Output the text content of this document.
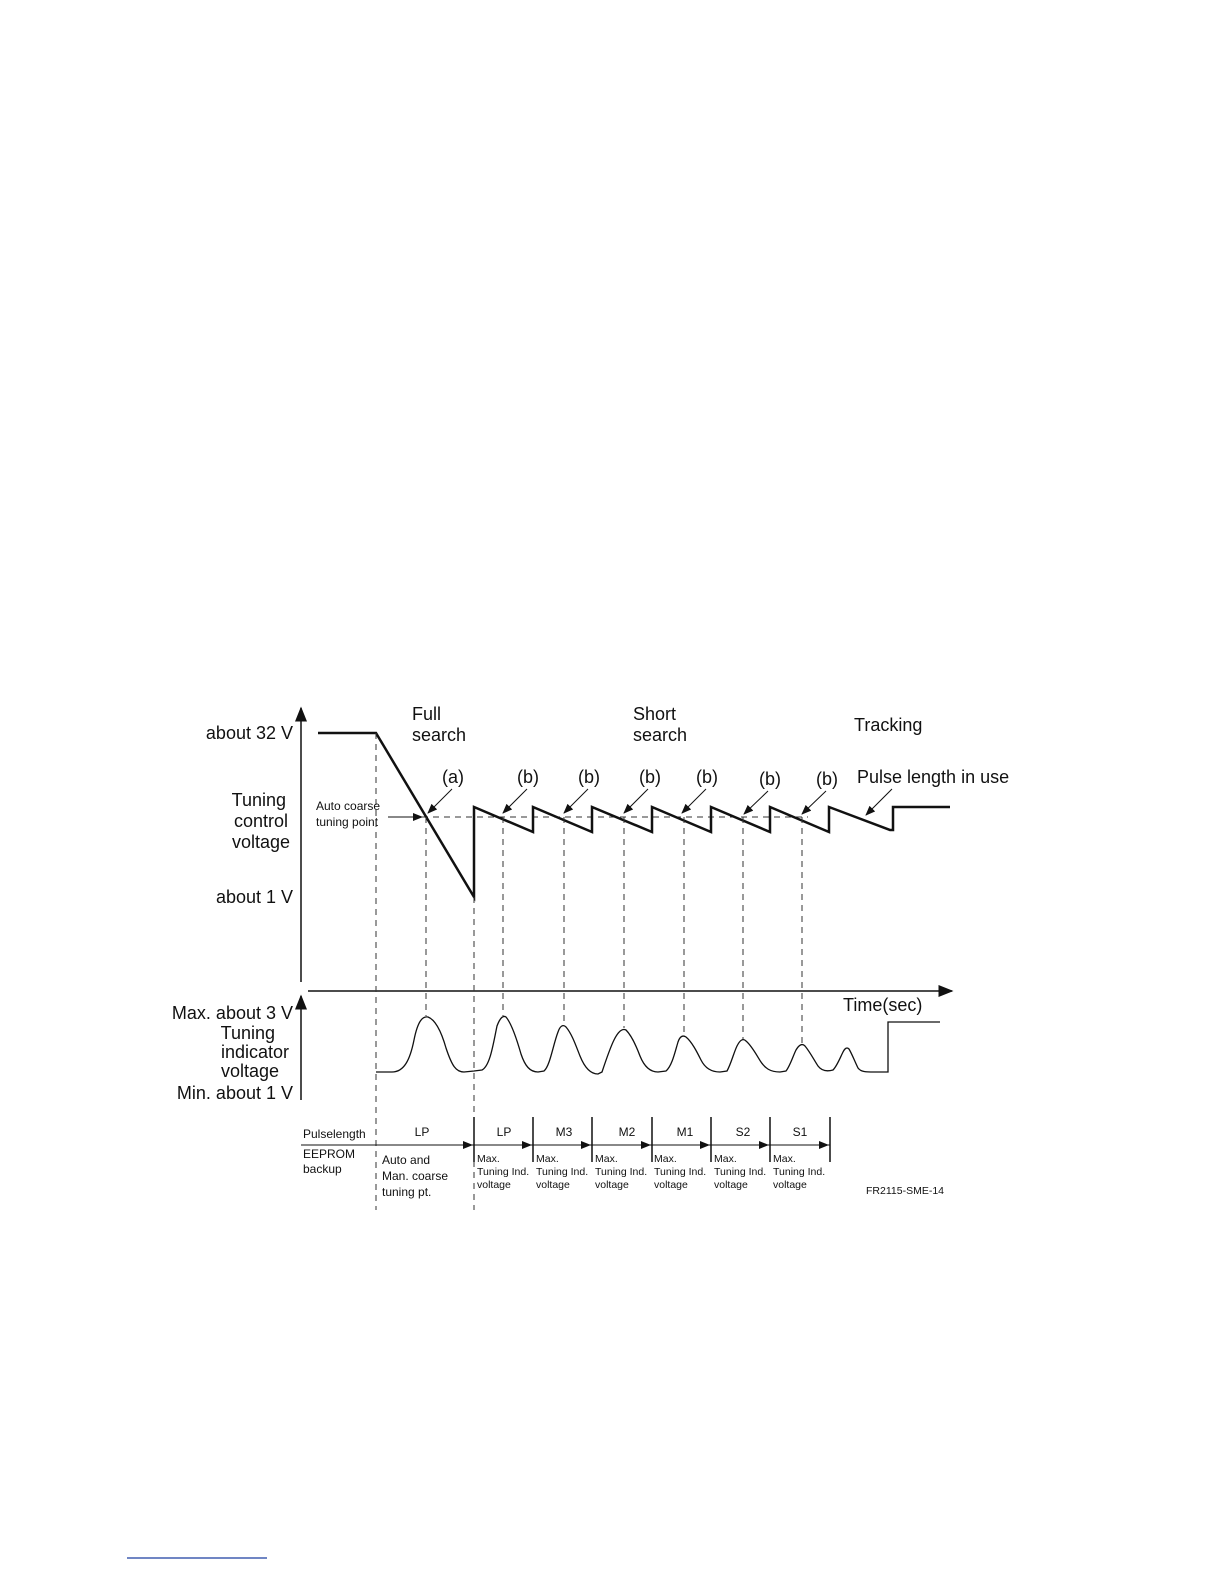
Full
search
Short
search	Tracking
about 32 V
Tuning
control
voltage
about 1 V
Time(sec)
Auto coarse
tuning point
(a)	(b) (b) (b) (b) (b) (b) Pulse length in use
Max. about 3 V
Tuning
indicator
voltage
Min. about 1 V
Pulselength
EEPROM
backup
LP
Auto and
Man. coarse
tuning pt.
LP
Max.
Tuning Ind.
voltage
M3
Max.
Tuning Ind.
voltage
M2
Max.
Tuning Ind.
voltage
M1
Max.
Tuning Ind.
voltage
S2
Max.
Tuning Ind.
voltage
S1
Max.
Tuning Ind.
voltage	FR2115-SME-14
